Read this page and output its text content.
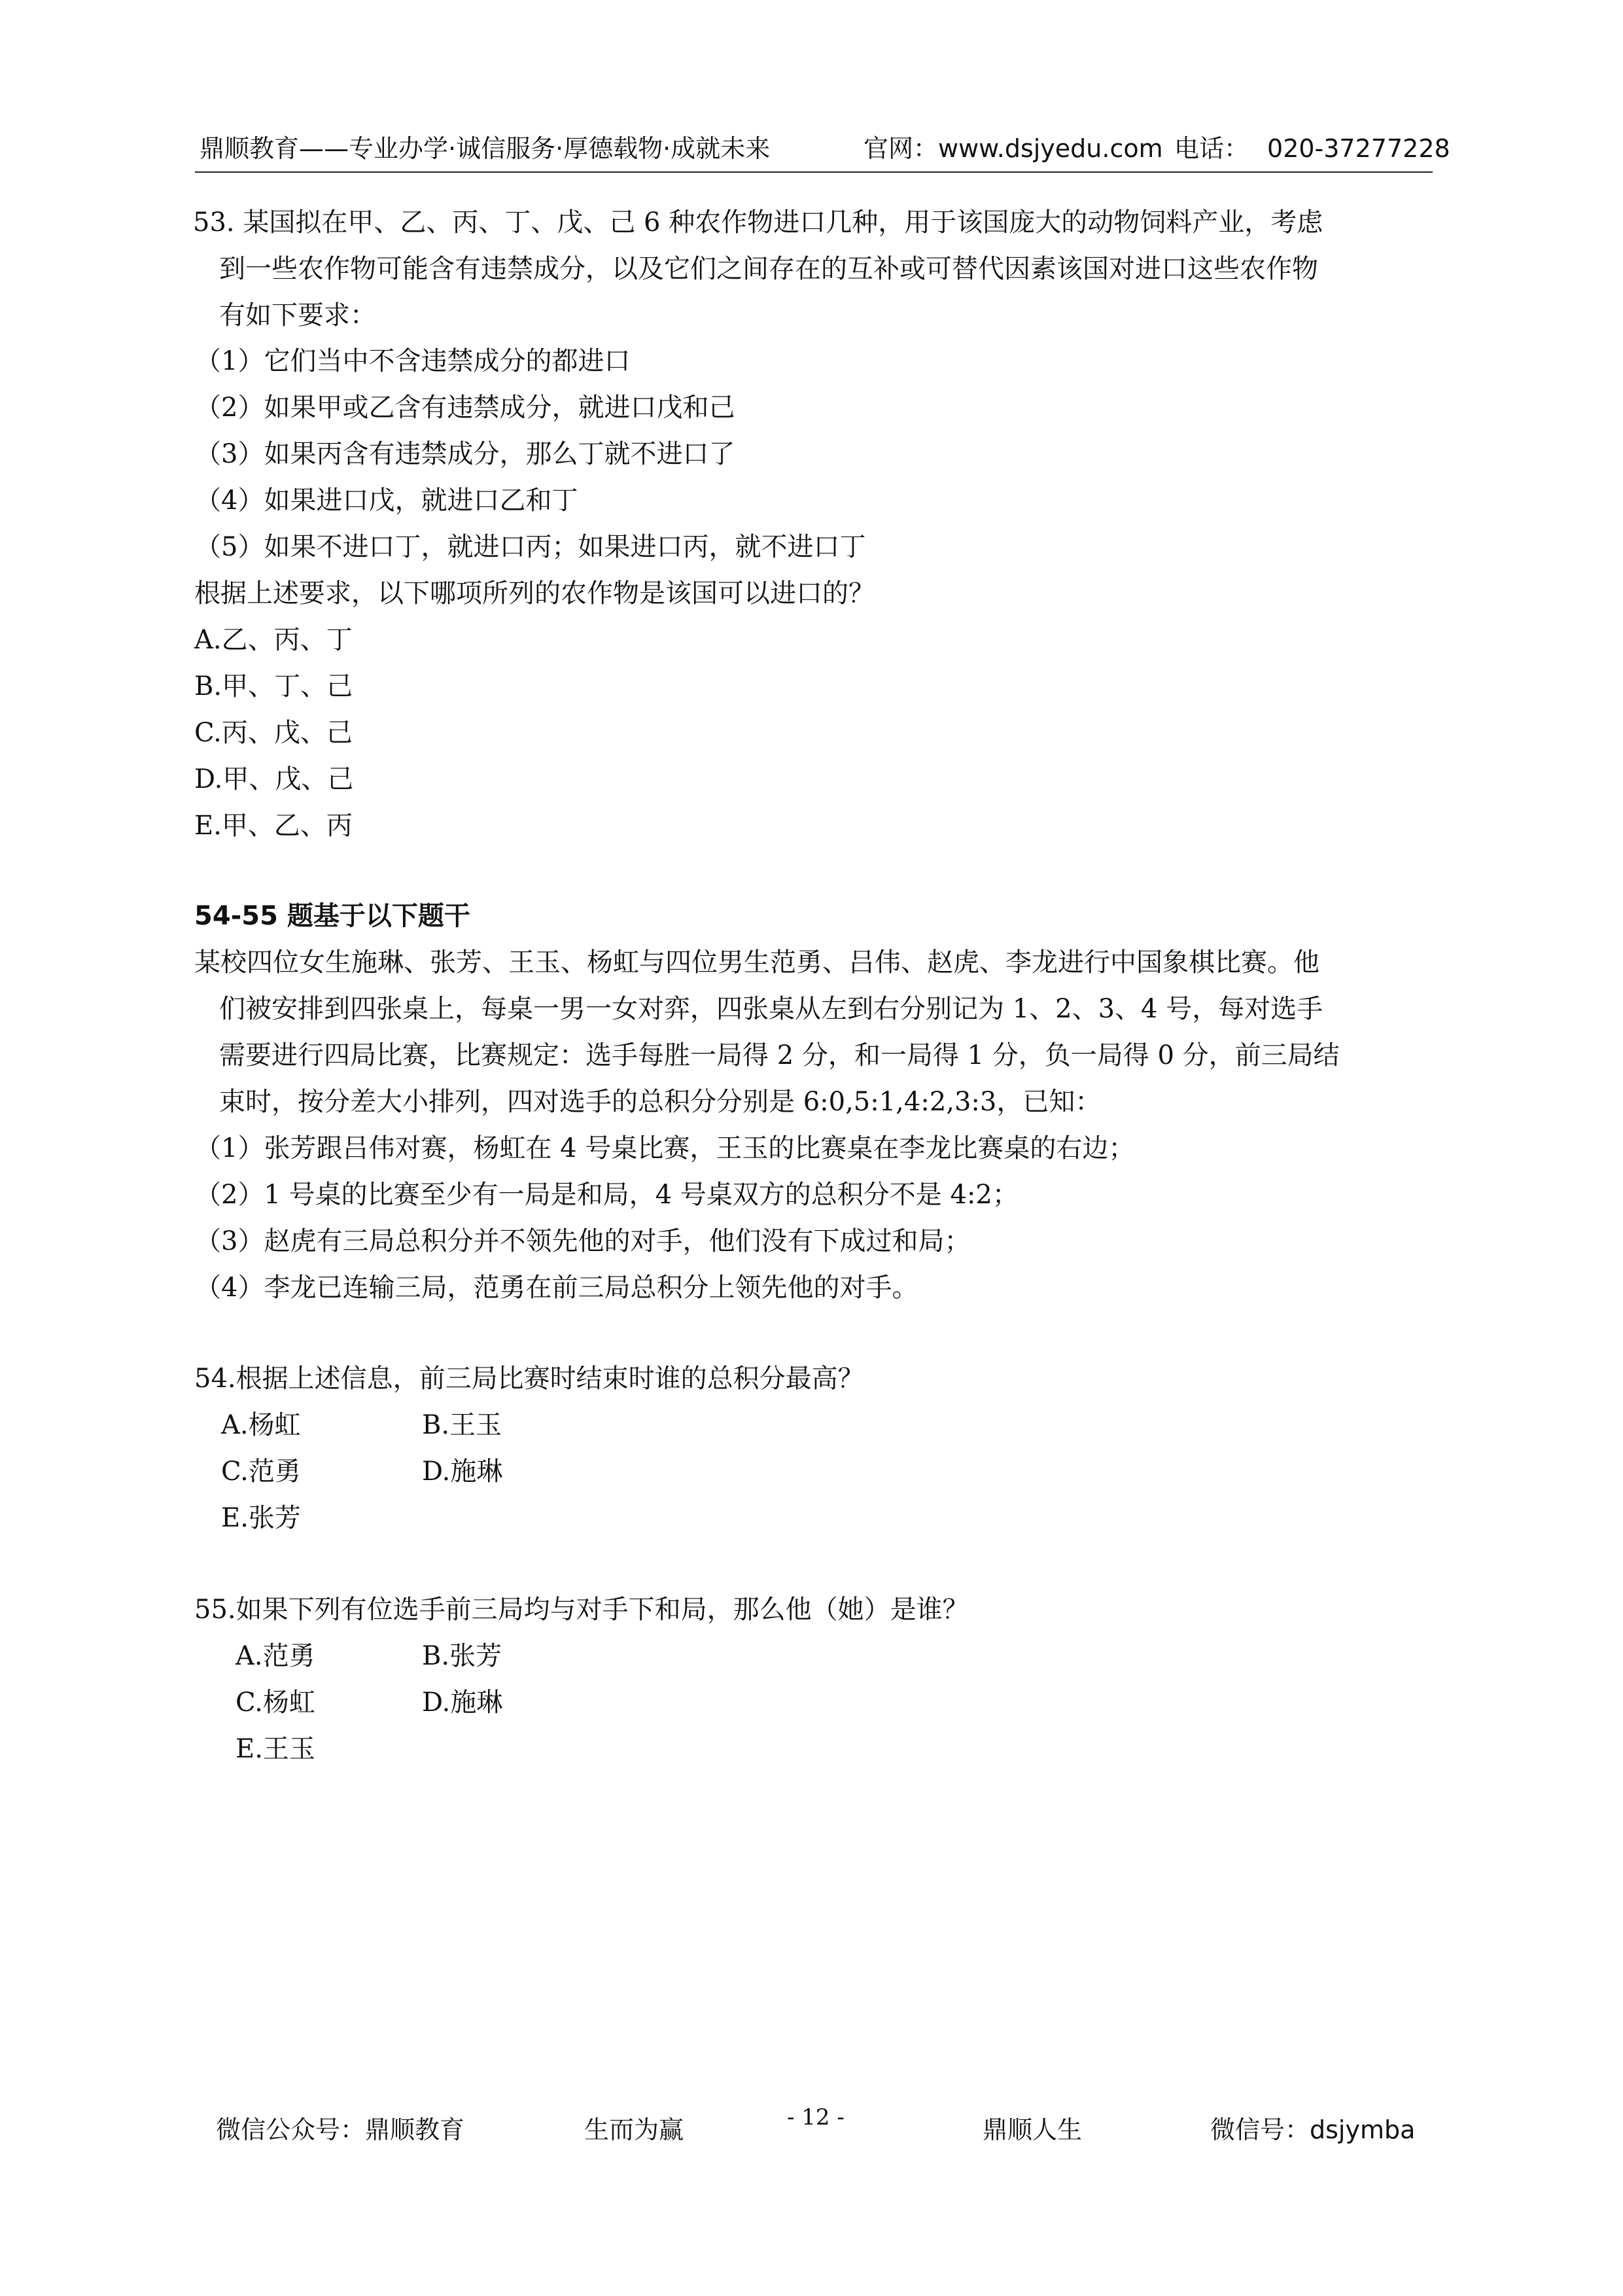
鼎顺教育——专业办学·诚信服务·厚德载物·成就未来	官网：www.dsjyedu.com 电话： 020-37277228
53. 某国拟在甲、乙、丙、丁、戊、己 6 种农作物进口几种，用于该国庞大的动物饲料产业，考虑
到一些农作物可能含有违禁成分，以及它们之间存在的互补或可替代因素该国对进口这些农作物
有如下要求：
（1）它们当中不含违禁成分的都进口
（2）如果甲或乙含有违禁成分，就进口戊和己
（3）如果丙含有违禁成分，那么丁就不进口了
（4）如果进口戊，就进口乙和丁
（5）如果不进口丁，就进口丙；如果进口丙，就不进口丁
根据上述要求，以下哪项所列的农作物是该国可以进口的？
A.乙、丙、丁
B.甲、丁、己
C.丙、戊、己
D.甲、戊、己
E.甲、乙、丙
54-55 题基于以下题干
某校四位女生施琳、张芳、王玉、杨虹与四位男生范勇、吕伟、赵虎、李龙进行中国象棋比赛。他
们被安排到四张桌上，每桌一男一女对弈，四张桌从左到右分别记为 1、2、3、4 号，每对选手
需要进行四局比赛，比赛规定：选手每胜一局得 2 分，和一局得 1 分，负一局得 0 分，前三局结
束时，按分差大小排列，四对选手的总积分分别是 6:0,5:1,4:2,3:3，已知：
（1）张芳跟吕伟对赛，杨虹在 4 号桌比赛，王玉的比赛桌在李龙比赛桌的右边；
（2）1 号桌的比赛至少有一局是和局，4 号桌双方的总积分不是 4:2；
（3）赵虎有三局总积分并不领先他的对手，他们没有下成过和局；
（4）李龙已连输三局，范勇在前三局总积分上领先他的对手。
54.根据上述信息，前三局比赛时结束时谁的总积分最高？
A.杨虹	B.王玉
C.范勇	D.施琳
E.张芳
55.如果下列有位选手前三局均与对手下和局，那么他（她）是谁？
A.范勇	B.张芳
C.杨虹	D.施琳
E.王玉
微信公众号：鼎顺教育	生而为赢	- 12 -	鼎顺人生	微信号：dsjymba
